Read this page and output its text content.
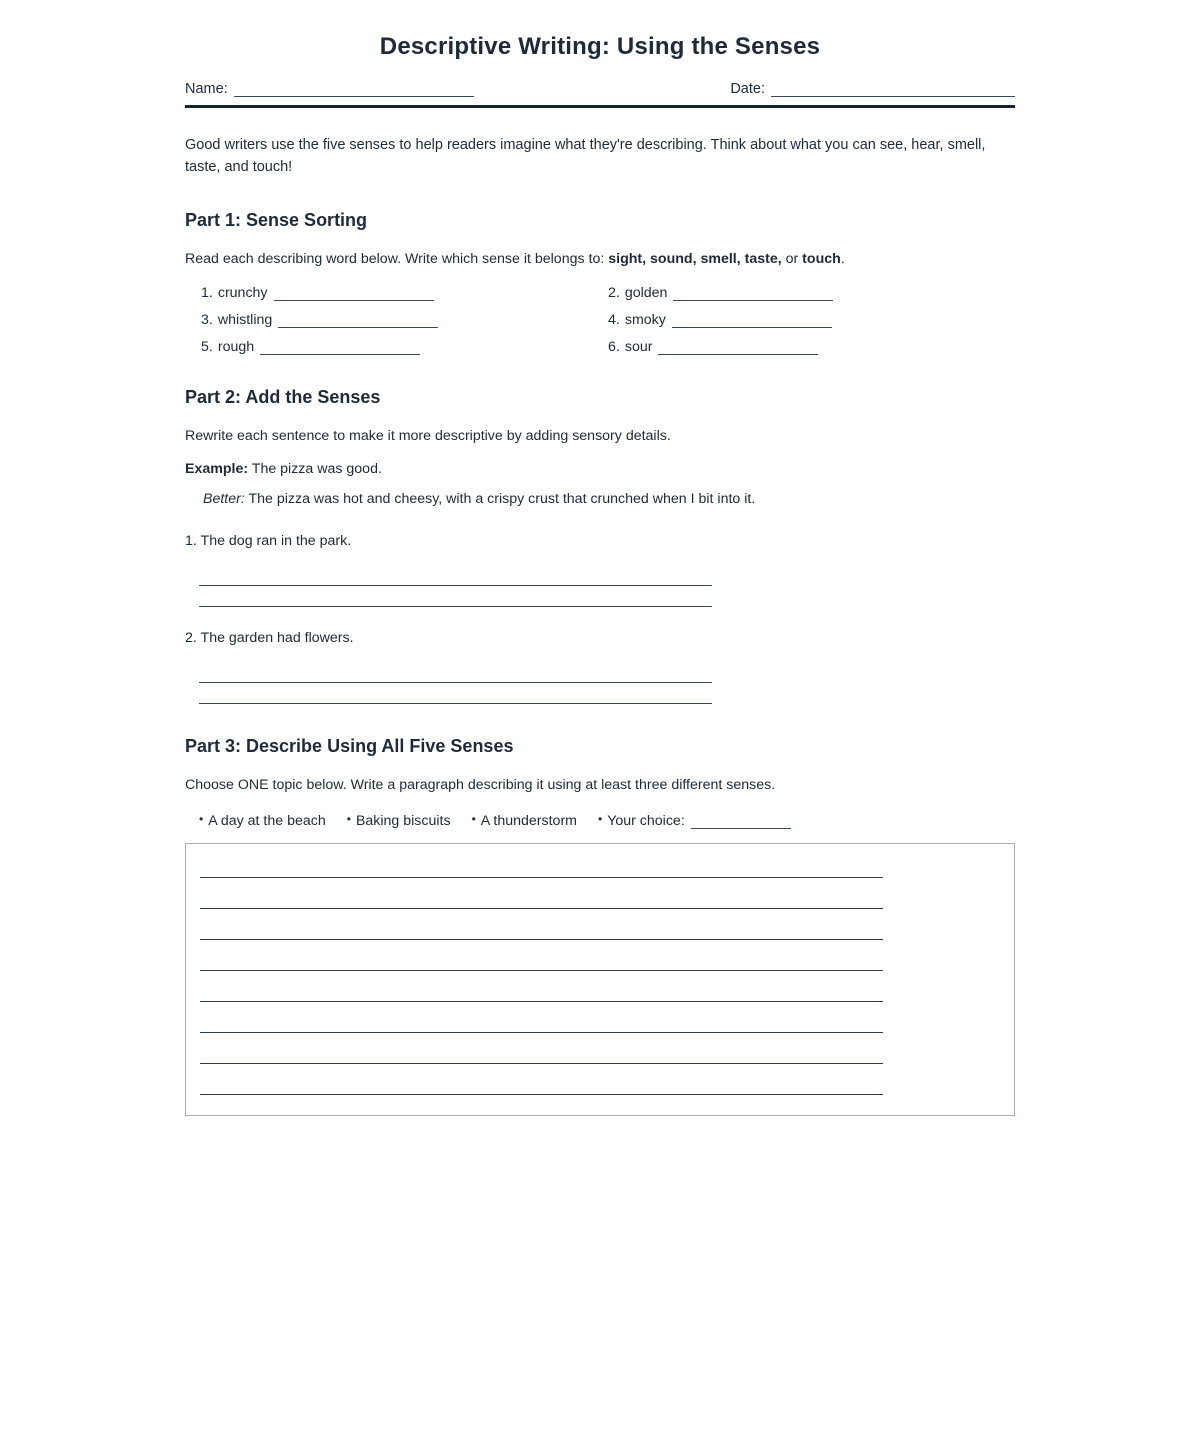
Descriptive Writing: Using the Senses
Name:	Date:

Good writers use the five senses to help readers imagine what they're describing. Think about what you can see, hear, smell, taste, and touch!

Part 1: Sense Sorting

Read each describing word below. Write which sense it belongs to: sight, sound, smell, taste, or touch.

1. crunchy	2. golden
3. whistling	4. smoky
5. rough	6. sour
Part 2: Add the Senses

Rewrite each sentence to make it more descriptive by adding sensory details.

Example: The pizza was good.

Better: The pizza was hot and cheesy, with a crispy crust that crunched when I bit into it.

1. The dog ran in the park.

2. The garden had flowers.

Part 3: Describe Using All Five Senses

Choose ONE topic below. Write a paragraph describing it using at least three different senses.

• A day at the beach • Baking biscuits • A thunderstorm • Your choice:
